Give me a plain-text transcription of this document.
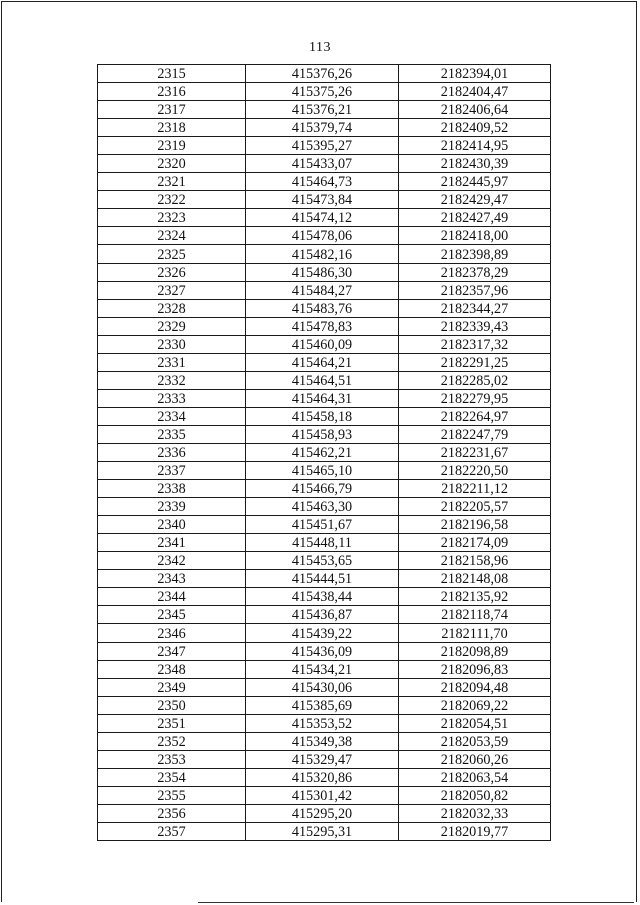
113
2315	415376,26	2182394,01
2316	415375,26	2182404,47
2317	415376,21	2182406,64
2318	415379,74	2182409,52
2319	415395,27	2182414,95
2320	415433,07	2182430,39
2321	415464,73	2182445,97
2322	415473,84	2182429,47
2323	415474,12	2182427,49
2324	415478,06	2182418,00
2325	415482,16	2182398,89
2326	415486,30	2182378,29
2327	415484,27	2182357,96
2328	415483,76	2182344,27
2329	415478,83	2182339,43
2330	415460,09	2182317,32
2331	415464,21	2182291,25
2332	415464,51	2182285,02
2333	415464,31	2182279,95
2334	415458,18	2182264,97
2335	415458,93	2182247,79
2336	415462,21	2182231,67
2337	415465,10	2182220,50
2338	415466,79	2182211,12
2339	415463,30	2182205,57
2340	415451,67	2182196,58
2341	415448,11	2182174,09
2342	415453,65	2182158,96
2343	415444,51	2182148,08
2344	415438,44	2182135,92
2345	415436,87	2182118,74
2346	415439,22	2182111,70
2347	415436,09	2182098,89
2348	415434,21	2182096,83
2349	415430,06	2182094,48
2350	415385,69	2182069,22
2351	415353,52	2182054,51
2352	415349,38	2182053,59
2353	415329,47	2182060,26
2354	415320,86	2182063,54
2355	415301,42	2182050,82
2356	415295,20	2182032,33
2357	415295,31	2182019,77
